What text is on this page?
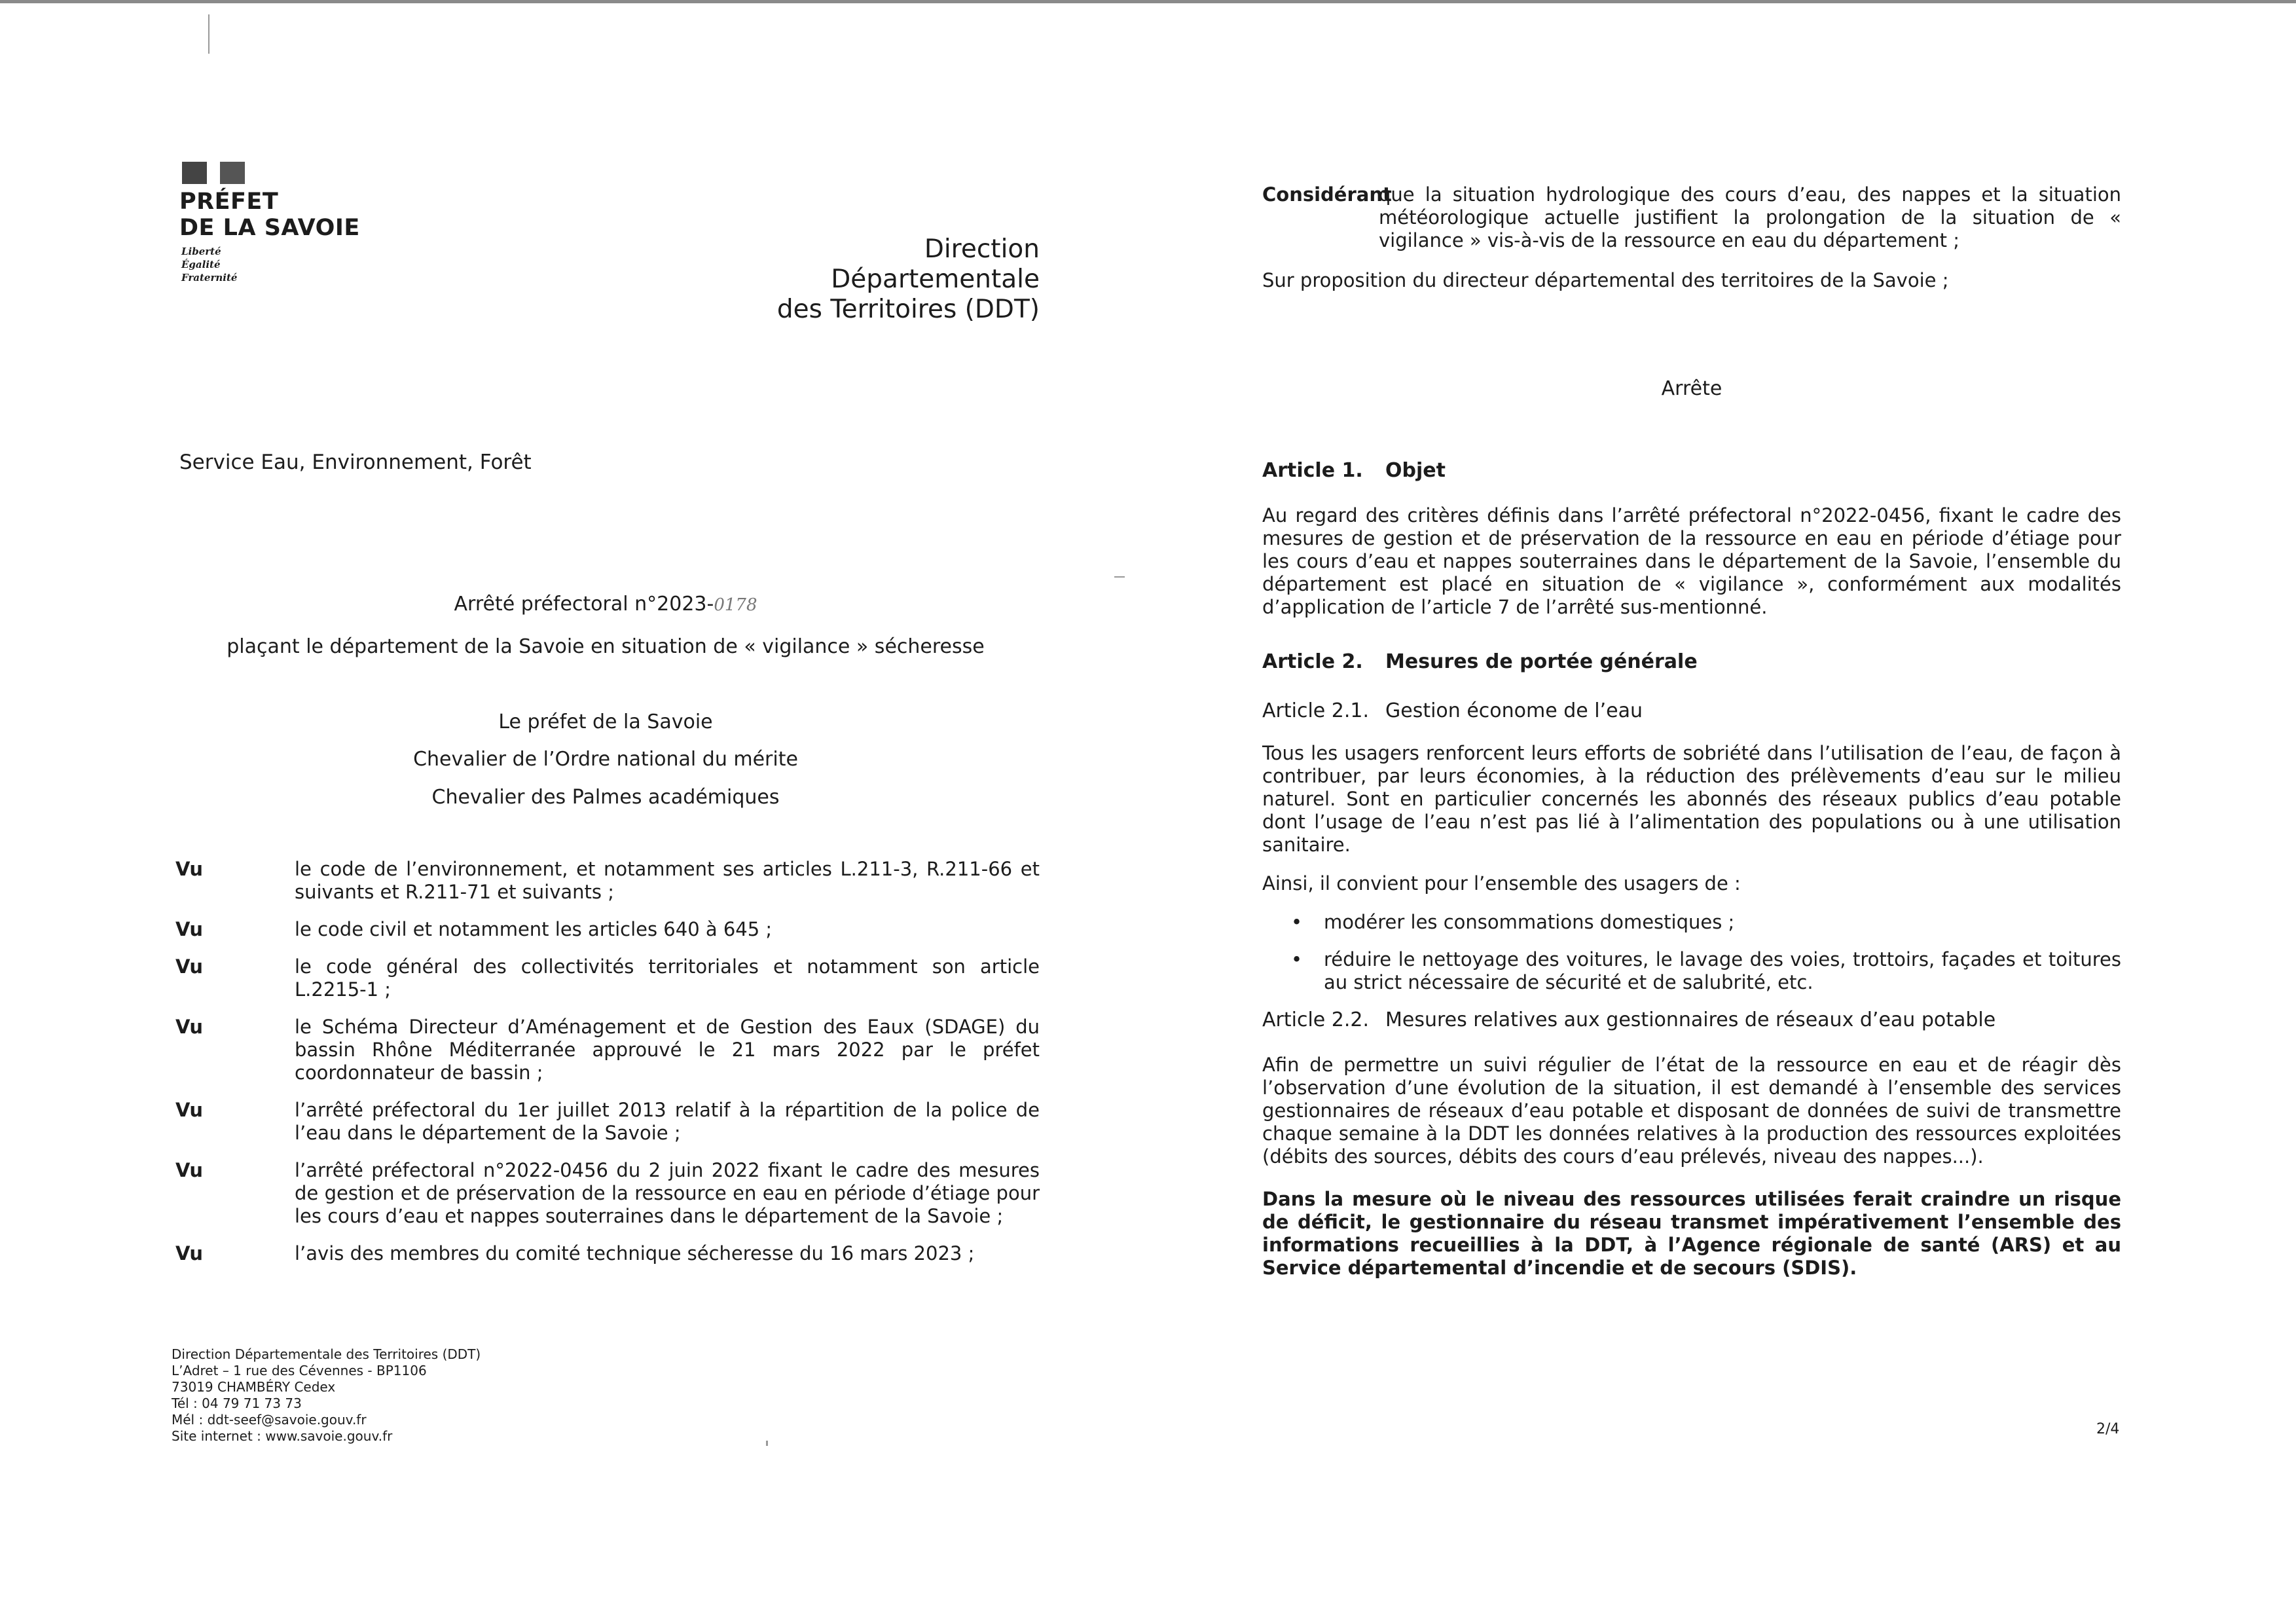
PRÉFET
DE LA SAVOIE
Liberté
Égalité
Fraternité
Direction
Départementale
des Territoires (DDT)
Service Eau, Environnement, Forêt
Arrêté préfectoral n°2023-0178
plaçant le département de la Savoie en situation de « vigilance » sécheresse
Le préfet de la Savoie
Chevalier de l’Ordre national du mérite
Chevalier des Palmes académiques
Vu	le code de l’environnement, et notamment ses articles L.211-3, R.211-66 et suivants et R.211-71 et suivants ;
Vu	le code civil et notamment les articles 640 à 645 ;
Vu	le code général des collectivités territoriales et notamment son article L.2215-1 ;
Vu	le Schéma Directeur d’Aménagement et de Gestion des Eaux (SDAGE) du bassin Rhône Méditerranée approuvé le 21 mars 2022 par le préfet coordonnateur de bassin ;
Vu	l’arrêté préfectoral du 1er juillet 2013 relatif à la répartition de la police de l’eau dans le département de la Savoie ;
Vu	l’arrêté préfectoral n°2022-0456 du 2 juin 2022 fixant le cadre des mesures de gestion et de préservation de la ressource en eau en période d’étiage pour les cours d’eau et nappes souterraines dans le département de la Savoie ;
Vu	l’avis des membres du comité technique sécheresse du 16 mars 2023 ;
Direction Départementale des Territoires (DDT)
L’Adret – 1 rue des Cévennes - BP1106
73019 CHAMBÉRY Cedex
Tél : 04 79 71 73 73
Mél : ddt-seef@savoie.gouv.fr
Site internet : www.savoie.gouv.fr
Considérant
que la situation hydrologique des cours d’eau, des nappes et la situation météorologique actuelle justifient la prolongation de la situation de « vigilance » vis-à-vis de la ressource en eau du département ;
Sur proposition du directeur départemental des territoires de la Savoie ;
Arrête
Article 1.	Objet
Au regard des critères définis dans l’arrêté préfectoral n°2022-0456, fixant le cadre des mesures de gestion et de préservation de la ressource en eau en période d’étiage pour les cours d’eau et nappes souterraines dans le département de la Savoie, l’ensemble du département est placé en situation de « vigilance », conformément aux modalités d’application de l’article 7 de l’arrêté sus-mentionné.
Article 2.	Mesures de portée générale
Article 2.1. Gestion économe de l’eau
Tous les usagers renforcent leurs efforts de sobriété dans l’utilisation de l’eau, de façon à contribuer, par leurs économies, à la réduction des prélèvements d’eau sur le milieu naturel. Sont en particulier concernés les abonnés des réseaux publics d’eau potable dont l’usage de l’eau n’est pas lié à l’alimentation des populations ou à une utilisation sanitaire.
Ainsi, il convient pour l’ensemble des usagers de :
• modérer les consommations domestiques ;
• réduire le nettoyage des voitures, le lavage des voies, trottoirs, façades et toitures au strict nécessaire de sécurité et de salubrité, etc.
Article 2.2. Mesures relatives aux gestionnaires de réseaux d’eau potable
Afin de permettre un suivi régulier de l’état de la ressource en eau et de réagir dès l’observation d’une évolution de la situation, il est demandé à l’ensemble des services gestionnaires de réseaux d’eau potable et disposant de données de suivi de transmettre chaque semaine à la DDT les données relatives à la production des ressources exploitées (débits des sources, débits des cours d’eau prélevés, niveau des nappes...).
Dans la mesure où le niveau des ressources utilisées ferait craindre un risque de déficit, le gestionnaire du réseau transmet impérativement l’ensemble des informations recueillies à la DDT, à l’Agence régionale de santé (ARS) et au Service départemental d’incendie et de secours (SDIS).
2/4
